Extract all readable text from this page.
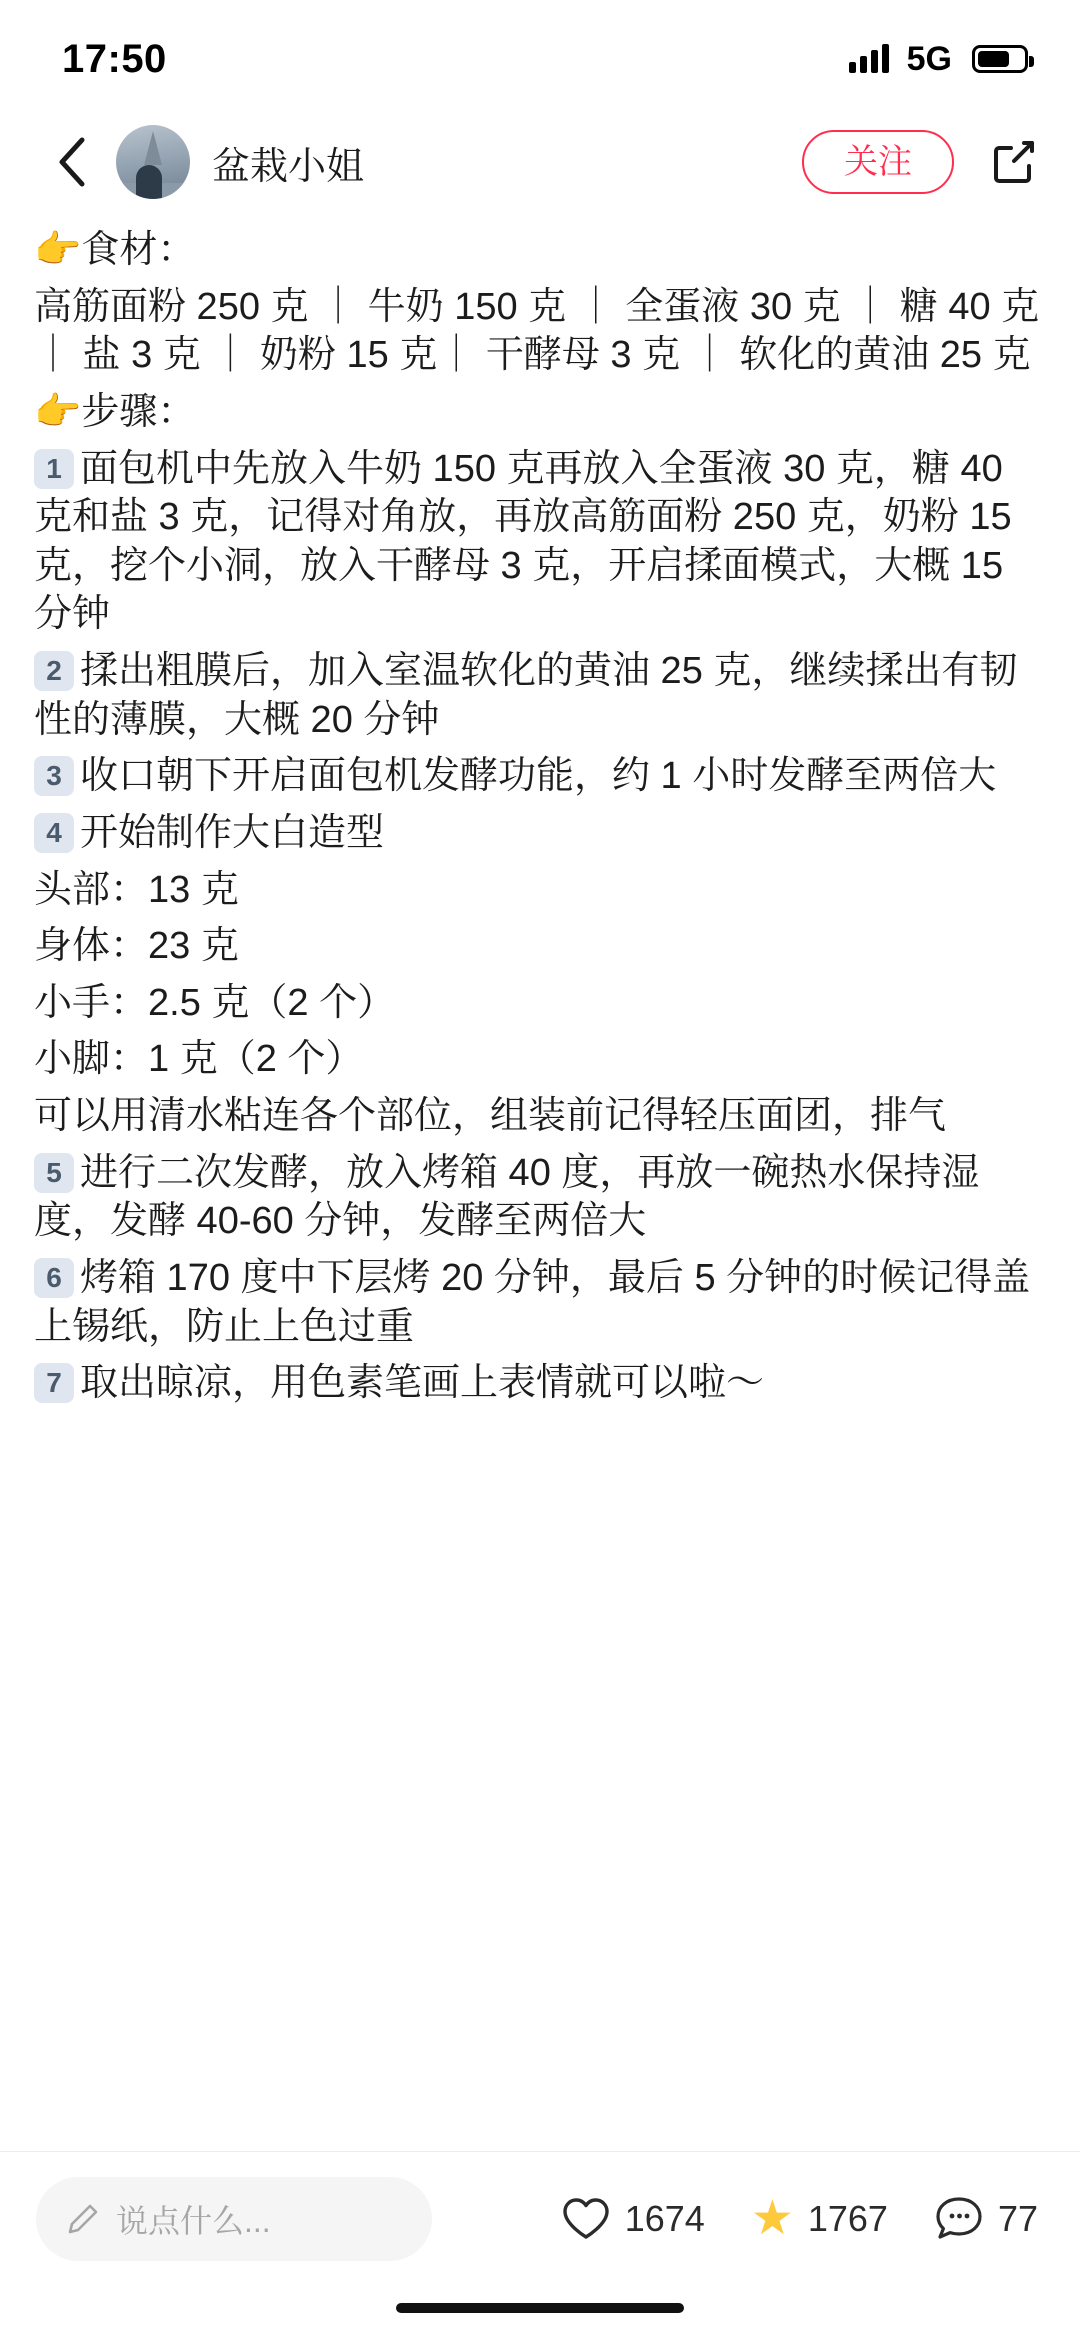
17:50	5G
盆栽小姐	关注

👉食材：

高筋面粉 250 克 ｜ 牛奶 150 克 ｜ 全蛋液 30 克 ｜ 糖 40 克 ｜ 盐 3 克 ｜ 奶粉 15 克｜ 干酵母 3 克 ｜ 软化的黄油 25 克

👉步骤：

1 面包机中先放入牛奶 150 克再放入全蛋液 30 克，糖 40 克和盐 3 克，记得对角放，再放高筋面粉 250 克，奶粉 15 克，挖个小洞，放入干酵母 3 克，开启揉面模式，大概 15 分钟

2 揉出粗膜后，加入室温软化的黄油 25 克，继续揉出有韧性的薄膜，大概 20 分钟

3 收口朝下开启面包机发酵功能，约 1 小时发酵至两倍大

4 开始制作大白造型

头部：13 克

身体：23 克

小手：2.5 克（2 个）

小脚：1 克（2 个）

可以用清水粘连各个部位，组装前记得轻压面团，排气

5 进行二次发酵，放入烤箱 40 度，再放一碗热水保持湿度，发酵 40-60 分钟，发酵至两倍大

6 烤箱 170 度中下层烤 20 分钟，最后 5 分钟的时候记得盖上锡纸，防止上色过重

7 取出晾凉，用色素笔画上表情就可以啦～

说点什么...	1674 ★ 1767	77
